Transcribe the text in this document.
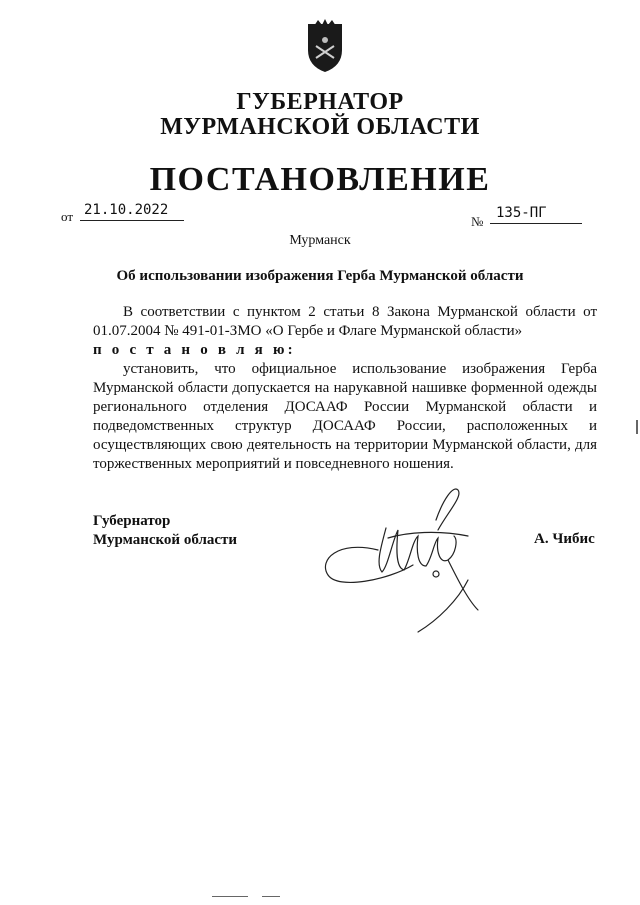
ГУБЕРНАТОР
МУРМАНСКОЙ ОБЛАСТИ
ПОСТАНОВЛЕНИЕ
от 21.10.2022
№
135-ПГ
Мурманск
Об использовании изображения Герба Мурманской области

В соответствии с пунктом 2 статьи 8 Закона Мурманской области от 01.07.2004 № 491-01-ЗМО «О Гербе и Флаге Мурманской области»

п о с т а н о в л я ю:

установить, что официальное использование изображения Герба Мурманской области допускается на нарукавной нашивке форменной одежды регионального отделения ДОСААФ России Мурманской области и подведомственных структур ДОСААФ России, расположенных и осуществляющих свою деятельность на территории Мурманской области, для торжественных мероприятий и повседневного ношения.

Губернатор
Мурманской области	А. Чибис
